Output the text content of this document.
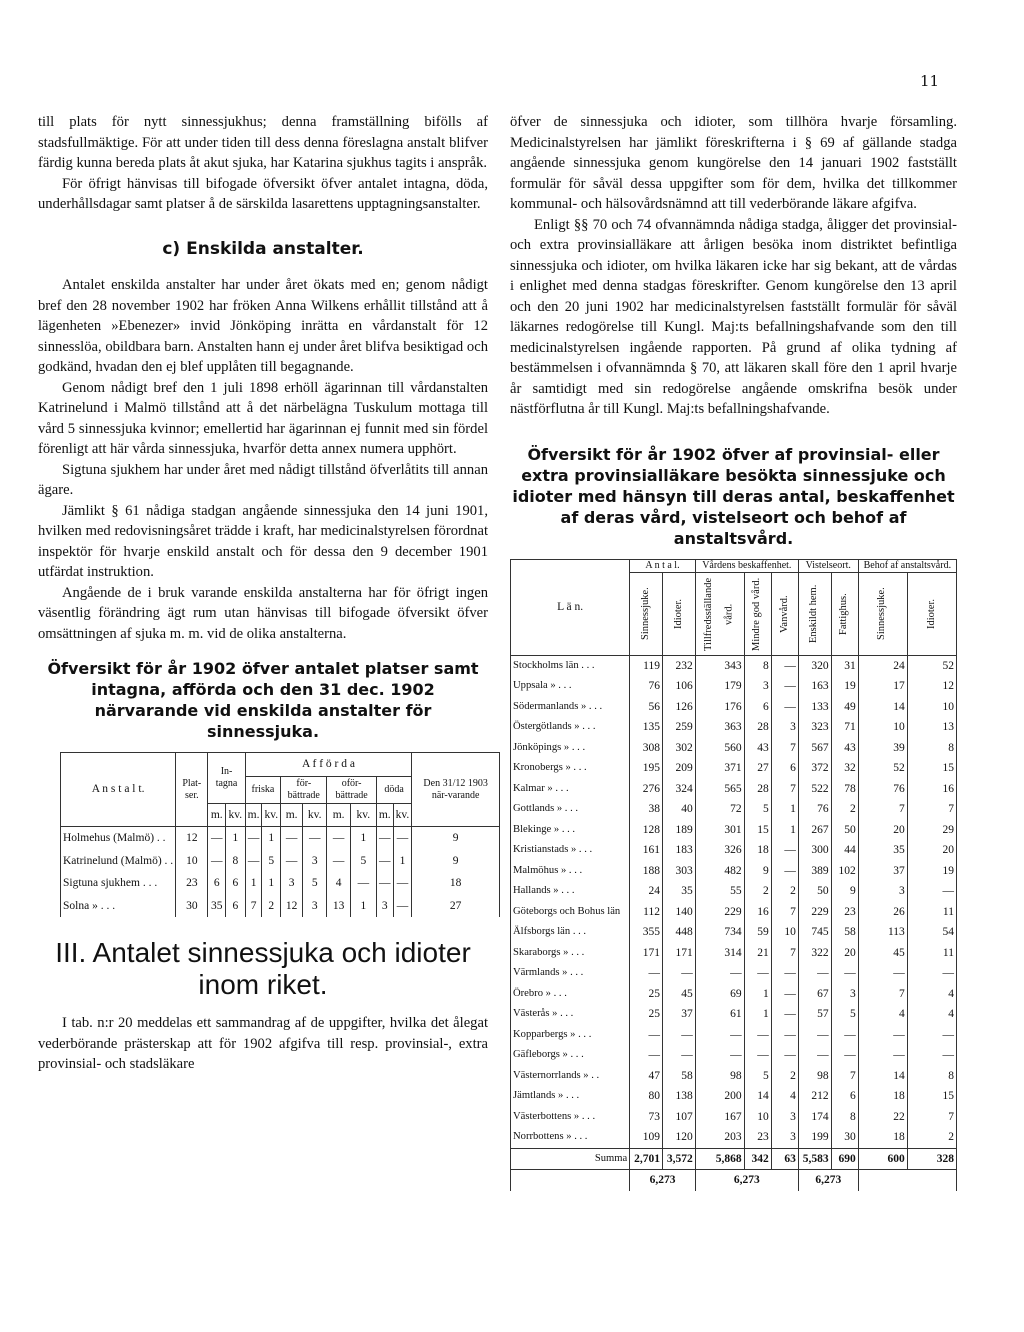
11

till plats för nytt sinnessjukhus; denna framställning bifölls af stadsfullmäktige. För att under tiden till dess denna föreslagna anstalt blifver färdig kunna bereda plats åt akut sjuka, har Katarina sjukhus tagits i anspråk.

För öfrigt hänvisas till bifogade öfversikt öfver antalet intagna, döda, underhållsdagar samt platser å de särskilda lasarettens upptagningsanstalter.

c) Enskilda anstalter.

Antalet enskilda anstalter har under året ökats med en; genom nådigt bref den 28 november 1902 har fröken Anna Wilkens erhållit tillstånd att å lägenheten »Ebenezer» invid Jönköping inrätta en vårdanstalt för 12 sinnesslöa, obildbara barn. Anstalten hann ej under året blifva besiktigad och godkänd, hvadan den ej blef upplåten till begagnande.

Genom nådigt bref den 1 juli 1898 erhöll ägarinnan till vårdanstalten Katrinelund i Malmö tillstånd att å det närbelägna Tuskulum mottaga till vård 5 sinnessjuka kvinnor; emellertid har ägarinnan ej funnit med sin fördel förenligt att här vårda sinnessjuka, hvarför detta annex numera upphört.

Sigtuna sjukhem har under året med nådigt tillstånd öfverlåtits till annan ägare.

Jämlikt § 61 nådiga stadgan angående sinnessjuka den 14 juni 1901, hvilken med redovisningsåret trädde i kraft, har medicinalstyrelsen förordnat inspektör för hvarje enskild anstalt och för dessa den 9 december 1901 utfärdat instruktion.

Angående de i bruk varande enskilda anstalterna har för öfrigt ingen väsentlig förändring ägt rum utan hänvisas till bifogade öfversikt öfver omsättningen af sjuka m. m. vid de olika anstalterna.

Öfversikt för år 1902 öfver antalet platser samt intagna, afförda och den 31 dec. 1902 närvarande vid enskilda anstalter för sinnessjuka.
A n s t a l t.	Plat-ser.	In-tagna		A f f ö r d a								Den 31/12 1903 när-varande
				friska		för-bättrade		oför-bättrade		döda		
		m.	kv.	m.	kv.	m.	kv.	m.	kv.	m.	kv.	
Holmehus (Malmö) . .	12	—	1	—	1	—	—	—	1	—	—	9
Katrinelund (Malmö) . .	10	—	8	—	5	—	3	—	5	—	1	9
Sigtuna sjukhem . . .	23	6	6	1	1	3	5	4	—	—	—	18
Solna » . . .	30	35	6	7	2	12	3	13	1	3	—	27
III. Antalet sinnessjuka och idioter inom riket.

I tab. n:r 20 meddelas ett sammandrag af de uppgifter, hvilka det ålegat vederbörande prästerskap att för 1902 afgifva till resp. provinsial-, extra provinsial- och stadsläkare

öfver de sinnessjuka och idioter, som tillhöra hvarje församling. Medicinalstyrelsen har jämlikt föreskrifterna i § 69 af gällande stadga angående sinnessjuka genom kungörelse den 14 januari 1902 fastställt formulär för såväl dessa uppgifter som för dem, hvilka det tillkommer kommunal- och hälsovårdsnämnd att till vederbörande läkare afgifva.

Enligt §§ 70 och 74 ofvannämnda nådiga stadga, åligger det provinsial- och extra provinsialläkare att årligen besöka inom distriktet befintliga sinnessjuka och idioter, om hvilka läkaren icke har sig bekant, att de vårdas i enlighet med denna stadgas föreskrifter. Genom kungörelse den 13 april och den 20 juni 1902 har medicinalstyrelsen fastställt formulär för såväl läkarnes redogörelse till Kungl. Maj:ts befallningshafvande som den till medicinalstyrelsen ingående rapporten. På grund af olika tydning af bestämmelsen i ofvannämnda § 70, att läkaren skall före den 1 april hvarje år samtidigt med sin redogörelse angående omskrifna besök under nästförflutna år till Kungl. Maj:ts befallningshafvande.

Öfversikt för år 1902 öfver af provinsial- eller extra provinsialläkare besökta sinnessjuke och idioter med hänsyn till deras antal, beskaffenhet af deras vård, vistelseort och behof af anstaltsvård.
L ä n.	A n t a l.		Vårdens beskaffenhet.			Vistelseort.		Behof af anstaltsvård.	

	Sinnessjuke.	Idioter.	Tillfredsställande vård.	Mindre god vård.	Vanvård.	Enskildt hem.	Fattighus.	Sinnessjuke.	Idioter.

Stockholms län . . .	119	232	343	8	—	320	31	24	52
Uppsala » . . .	76	106	179	3	—	163	19	17	12
Södermanlands » . . .	56	126	176	6	—	133	49	14	10
Östergötlands » . . .	135	259	363	28	3	323	71	10	13
Jönköpings » . . .	308	302	560	43	7	567	43	39	8
Kronobergs » . . .	195	209	371	27	6	372	32	52	15
Kalmar » . . .	276	324	565	28	7	522	78	76	16
Gottlands » . . .	38	40	72	5	1	76	2	7	7
Blekinge » . . .	128	189	301	15	1	267	50	20	29
Kristianstads » . . .	161	183	326	18	—	300	44	35	20
Malmöhus » . . .	188	303	482	9	—	389	102	37	19
Hallands » . . .	24	35	55	2	2	50	9	3	—
Göteborgs och Bohus län	112	140	229	16	7	229	23	26	11
Älfsborgs län . . .	355	448	734	59	10	745	58	113	54
Skaraborgs » . . .	171	171	314	21	7	322	20	45	11
Värmlands » . . .	—	—	—	—	—	—	—	—	—
Örebro » . . .	25	45	69	1	—	67	3	7	4
Västerås » . . .	25	37	61	1	—	57	5	4	4
Kopparbergs » . . .	—	—	—	—	—	—	—	—	—
Gäfleborgs » . . .	—	—	—	—	—	—	—	—	—
Västernorrlands » . .	47	58	98	5	2	98	7	14	8
Jämtlands » . . .	80	138	200	14	4	212	6	18	15
Västerbottens » . . .	73	107	167	10	3	174	8	22	7
Norrbottens » . . .	109	120	203	23	3	199	30	18	2
Summa	2,701	3,572	5,868	342	63	5,583	690	600	328
	6,273		6,273			6,273			
